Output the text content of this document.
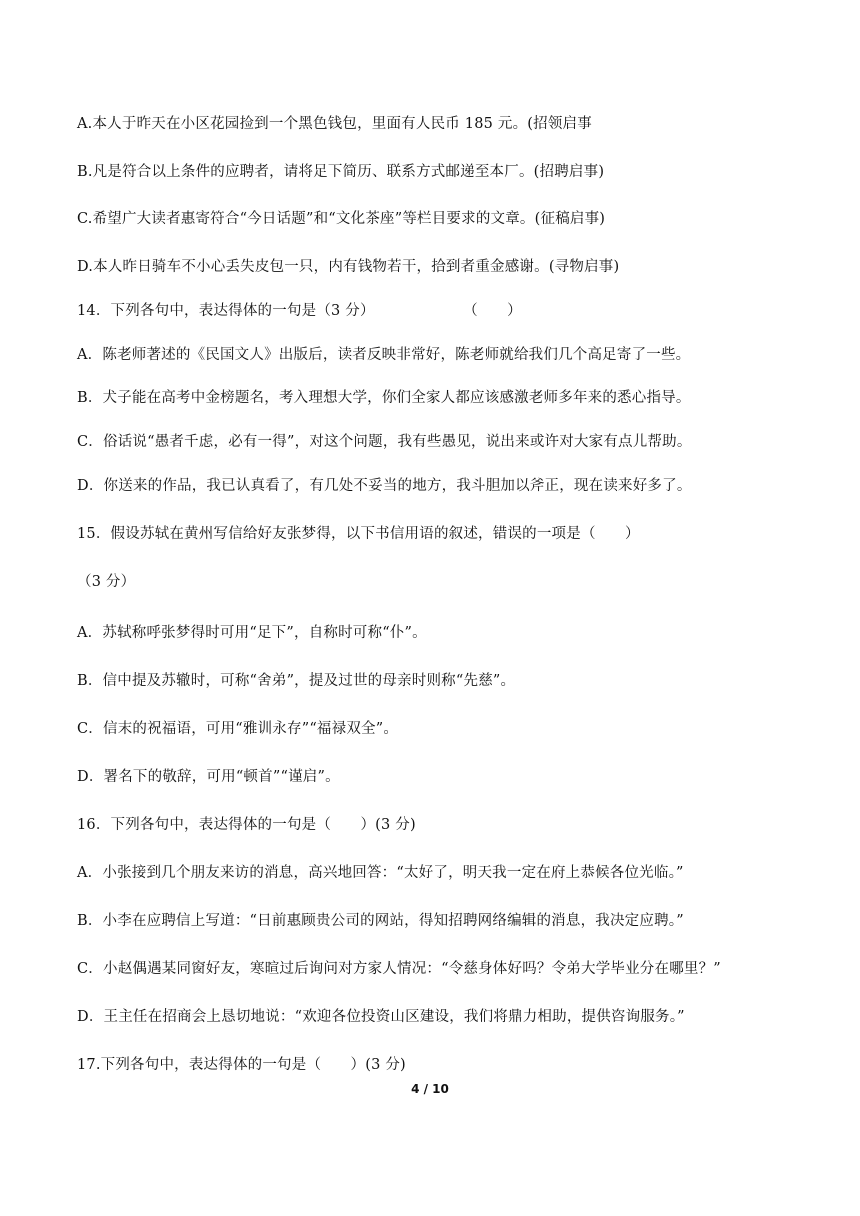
A.本人于昨天在小区花园捡到一个黑色钱包，里面有人民币 185 元。(招领启事
B.凡是符合以上条件的应聘者，请将足下简历、联系方式邮递至本厂。(招聘启事)
C.希望广大读者惠寄符合“今日话题”和“文化茶座”等栏目要求的文章。(征稿启事)
D.本人昨日骑车不小心丢失皮包一只，内有钱物若干，拾到者重金感谢。(寻物启事)
14．下列各句中，表达得体的一句是（3 分）　　　　　　　（　　）
A．陈老师著述的《民国文人》出版后，读者反映非常好，陈老师就给我们几个高足寄了一些。
B．犬子能在高考中金榜题名，考入理想大学，你们全家人都应该感激老师多年来的悉心指导。
C．俗话说“愚者千虑，必有一得”，对这个问题，我有些愚见，说出来或许对大家有点儿帮助。
D．你送来的作品，我已认真看了，有几处不妥当的地方，我斗胆加以斧正，现在读来好多了。
15．假设苏轼在黄州写信给好友张梦得，以下书信用语的叙述，错误的一项是（　　）
（3 分）
A．苏轼称呼张梦得时可用“足下”，自称时可称“仆”。
B．信中提及苏辙时，可称“舍弟”，提及过世的母亲时则称“先慈”。
C．信末的祝福语，可用“雅训永存”“福禄双全”。
D．署名下的敬辞，可用“顿首”“谨启”。
16．下列各句中，表达得体的一句是（　　）(3 分)
A．小张接到几个朋友来访的消息，高兴地回答：“太好了，明天我一定在府上恭候各位光临。”
B．小李在应聘信上写道：“日前惠顾贵公司的网站，得知招聘网络编辑的消息，我决定应聘。”
C．小赵偶遇某同窗好友，寒暄过后询问对方家人情况：“令慈身体好吗？令弟大学毕业分在哪里？”
D．王主任在招商会上恳切地说：“欢迎各位投资山区建设，我们将鼎力相助，提供咨询服务。”
17.下列各句中，表达得体的一句是（　　）(3 分)
4 / 10
